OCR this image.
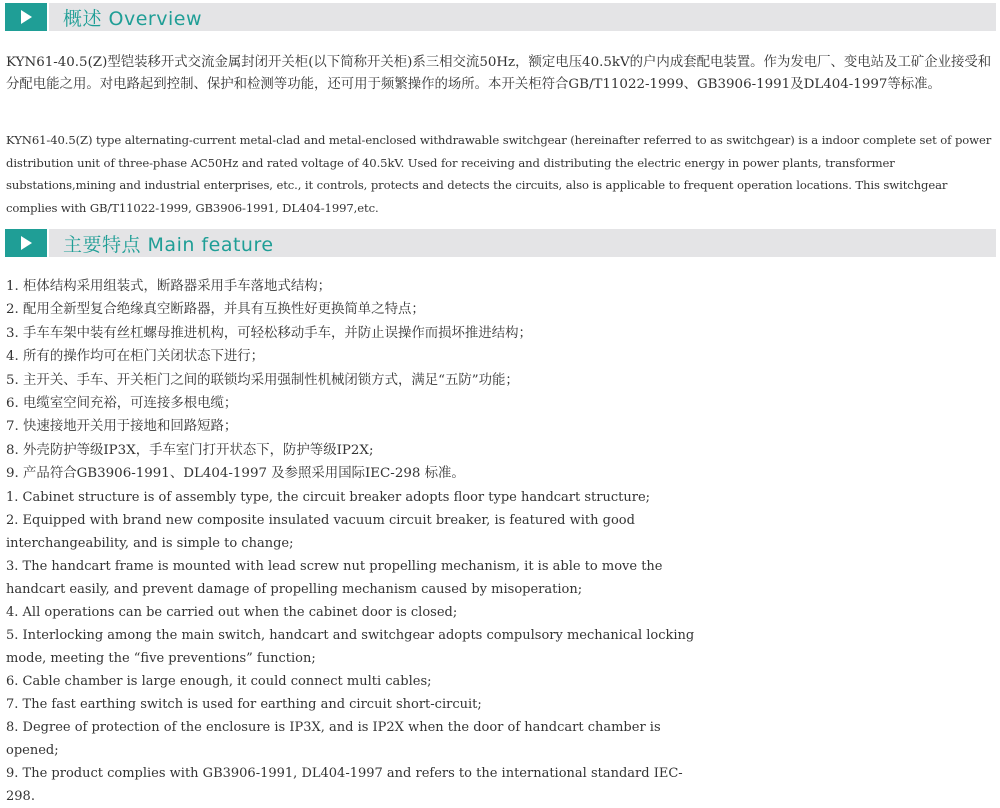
概述 Overview
KYN61-40.5(Z)型铠装移开式交流金属封闭开关柜(以下简称开关柜)系三相交流50Hz，额定电压40.5kV的户内成套配电装置。作为发电厂、变电站及工矿企业接受和分配电能之用。对电路起到控制、保护和检测等功能，还可用于频繁操作的场所。本开关柜符合GB/T11022-1999、GB3906-1991及DL404-1997等标准。
KYN61-40.5(Z) type alternating-current metal-clad and metal-enclosed withdrawable switchgear (hereinafter referred to as switchgear) is a indoor complete set of power distribution unit of three-phase AC50Hz and rated voltage of 40.5kV. Used for receiving and distributing the electric energy in power plants, transformer substations,mining and industrial enterprises, etc., it controls, protects and detects the circuits, also is applicable to frequent operation locations. This switchgear complies with GB/T11022-1999, GB3906-1991, DL404-1997,etc.
主要特点 Main feature
1. 柜体结构采用组装式，断路器采用手车落地式结构；
2. 配用全新型复合绝缘真空断路器，并具有互换性好更换简单之特点；
3. 手车车架中装有丝杠螺母推进机构，可轻松移动手车，并防止误操作而损坏推进结构；
4. 所有的操作均可在柜门关闭状态下进行；
5. 主开关、手车、开关柜门之间的联锁均采用强制性机械闭锁方式，满足“五防”功能；
6. 电缆室空间充裕，可连接多根电缆；
7. 快速接地开关用于接地和回路短路；
8. 外壳防护等级IP3X，手车室门打开状态下，防护等级IP2X;
9. 产品符合GB3906-1991、DL404-1997 及参照采用国际IEC-298 标准。
1. Cabinet structure is of assembly type, the circuit breaker adopts floor type handcart structure;
2. Equipped with brand new composite insulated vacuum circuit breaker, is featured with good interchangeability, and is simple to change;
3. The handcart frame is mounted with lead screw nut propelling mechanism, it is able to move the handcart easily, and prevent damage of propelling mechanism caused by misoperation;
4. All operations can be carried out when the cabinet door is closed;
5. Interlocking among the main switch, handcart and switchgear adopts compulsory mechanical locking mode, meeting the “five preventions” function;
6. Cable chamber is large enough, it could connect multi cables;
7. The fast earthing switch is used for earthing and circuit short-circuit;
8. Degree of protection of the enclosure is IP3X, and is IP2X when the door of handcart chamber is opened;
9. The product complies with GB3906-1991, DL404-1997 and refers to the international standard IEC-298.
